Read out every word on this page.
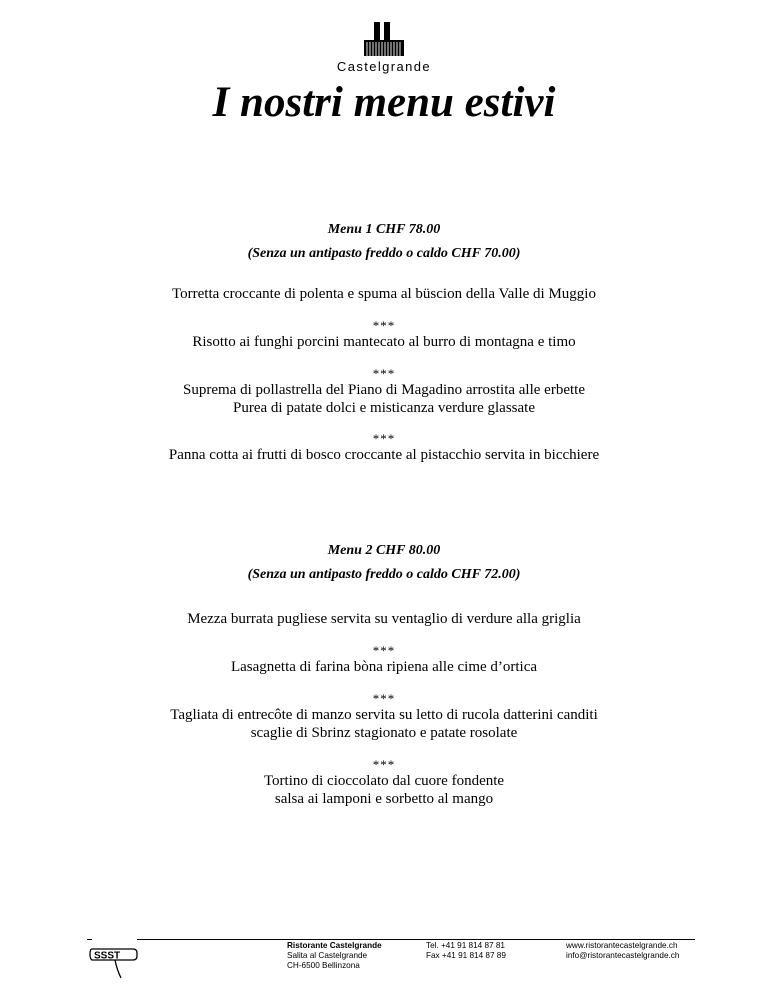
Castelgrande
I nostri menu estivi
Menu 1 CHF 78.00
(Senza un antipasto freddo o caldo CHF 70.00)
Torretta croccante di polenta e spuma al büscion della Valle di Muggio
***
Risotto ai funghi porcini mantecato al burro di montagna e timo
***
Suprema di pollastrella del Piano di Magadino arrostita alle erbette
Purea di patate dolci e misticanza verdure glassate
***
Panna cotta ai frutti di bosco croccante al pistacchio servita in bicchiere
Menu 2 CHF 80.00
(Senza un antipasto freddo o caldo CHF 72.00)
Mezza burrata pugliese servita su ventaglio di verdure alla griglia
***
Lasagnetta di farina bòna ripiena alle cime d’ortica
***
Tagliata di entrecôte di manzo servita su letto di rucola datterini canditi
scaglie di Sbrinz stagionato e patate rosolate
***
Tortino di cioccolato dal cuore fondente
salsa ai lamponi e sorbetto al mango
SSST
Ristorante Castelgrande
Salita al Castelgrande
CH-6500 Bellinzona
Tel. +41 91 814 87 81
Fax +41 91 814 87 89
www.ristorantecastelgrande.ch
info@ristorantecastelgrande.ch
